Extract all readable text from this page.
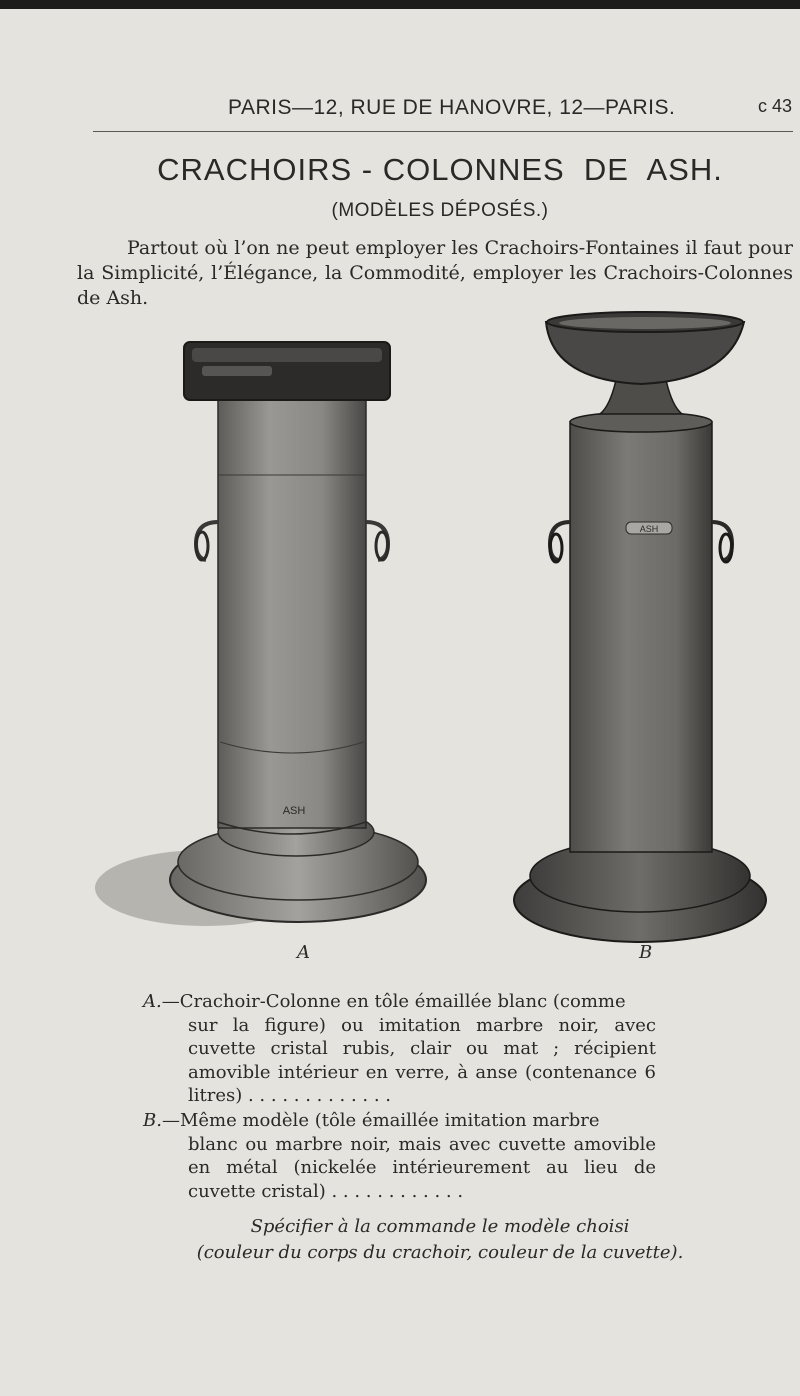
PARIS—12, RUE DE HANOVRE, 12—PARIS.	c 43
CRACHOIRS - COLONNES  DE  ASH.
(MODÈLES DÉPOSÉS.)
Partout où l’on ne peut employer les Crachoirs-Fontaines il faut pour la Simplicité, l’Élégance, la Commodité, employer les Crachoirs-Colonnes de Ash.
ASH
ASH
A	B
A.—Crachoir-Colonne en tôle émaillée blanc (comme
sur la figure) ou imitation marbre noir, avec cuvette cristal rubis, clair ou mat ; récipient amovible intérieur en verre, à anse (contenance 6 litres) . . . . . . . . . . . . .
B.—Même modèle (tôle émaillée imitation marbre
blanc ou marbre noir, mais avec cuvette amovible en métal (nickelée intérieurement au lieu de cuvette cristal) . . . . . . . . . . . .
Spécifier à la commande le modèle choisi
(couleur du corps du crachoir, couleur de la cuvette).
